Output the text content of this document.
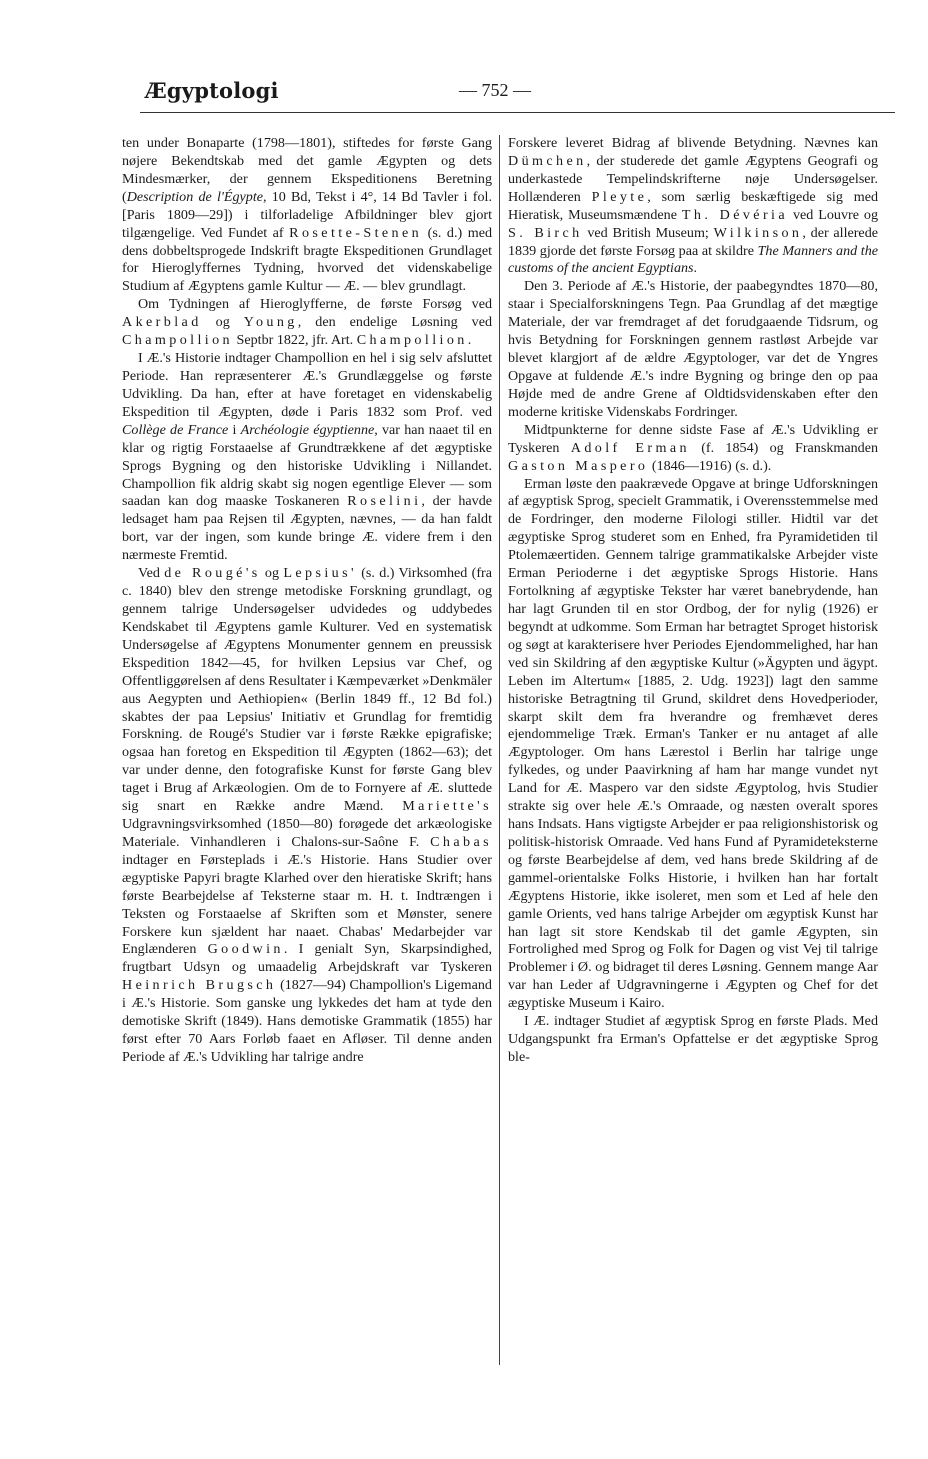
Ægyptologi	— 752 —

ten under Bonaparte (1798—1801), stiftedes for første Gang nøjere Bekendtskab med det gamle Ægypten og dets Mindesmærker, der gennem Ekspeditionens Beretning (Description de l'Égypte, 10 Bd, Tekst i 4°, 14 Bd Tavler i fol. [Paris 1809—29]) i tilforladelige Afbildninger blev gjort tilgængelige. Ved Fundet af Rosette-Stenen (s. d.) med dens dobbeltsprogede Indskrift bragte Ekspeditionen Grundlaget for Hieroglyffernes Tydning, hvorved det videnskabelige Studium af Ægyptens gamle Kultur — Æ. — blev grundlagt.

Om Tydningen af Hieroglyfferne, de første Forsøg ved Akerblad og Young, den endelige Løsning ved Champollion Septbr 1822, jfr. Art. Champollion.

I Æ.'s Historie indtager Champollion en hel i sig selv afsluttet Periode. Han repræsenterer Æ.'s Grundlæggelse og første Udvikling. Da han, efter at have foretaget en videnskabelig Ekspedition til Ægypten, døde i Paris 1832 som Prof. ved Collège de France i Archéologie égyptienne, var han naaet til en klar og rigtig Forstaaelse af Grundtrækkene af det ægyptiske Sprogs Bygning og den historiske Udvikling i Nillandet. Champollion fik aldrig skabt sig nogen egentlige Elever — som saadan kan dog maaske Toskaneren Roselini, der havde ledsaget ham paa Rejsen til Ægypten, nævnes, — da han faldt bort, var der ingen, som kunde bringe Æ. videre frem i den nærmeste Fremtid.

Ved de Rougé's og Lepsius' (s. d.) Virksomhed (fra c. 1840) blev den strenge metodiske Forskning grundlagt, og gennem talrige Undersøgelser udvidedes og uddybedes Kendskabet til Ægyptens gamle Kulturer. Ved en systematisk Undersøgelse af Ægyptens Monumenter gennem en preussisk Ekspedition 1842—45, for hvilken Lepsius var Chef, og Offentliggørelsen af dens Resultater i Kæmpeværket »Denkmäler aus Aegypten und Aethiopien« (Berlin 1849 ff., 12 Bd fol.) skabtes der paa Lepsius' Initiativ et Grundlag for fremtidig Forskning. de Rougé's Studier var i første Række epigrafiske; ogsaa han foretog en Ekspedition til Ægypten (1862—63); det var under denne, den fotografiske Kunst for første Gang blev taget i Brug af Arkæologien. Om de to Fornyere af Æ. sluttede sig snart en Række andre Mænd. Mariette's Udgravningsvirksomhed (1850—80) forøgede det arkæologiske Materiale. Vinhandleren i Chalons-sur-Saône F. Chabas indtager en Førsteplads i Æ.'s Historie. Hans Studier over ægyptiske Papyri bragte Klarhed over den hieratiske Skrift; hans første Bearbejdelse af Teksterne staar m. H. t. Indtrængen i Teksten og Forstaaelse af Skriften som et Mønster, senere Forskere kun sjældent har naaet. Chabas' Medarbejder var Englænderen Goodwin. I genialt Syn, Skarpsindighed, frugtbart Udsyn og umaadelig Arbejdskraft var Tyskeren Heinrich Brugsch (1827—94) Champollion's Ligemand i Æ.'s Historie. Som ganske ung lykkedes det ham at tyde den demotiske Skrift (1849). Hans demotiske Grammatik (1855) har først efter 70 Aars Forløb faaet en Afløser. Til denne anden Periode af Æ.'s Udvikling har talrige andre

Forskere leveret Bidrag af blivende Betydning. Nævnes kan Dümchen, der studerede det gamle Ægyptens Geografi og underkastede Tempelindskrifterne nøje Undersøgelser. Hollænderen Pleyte, som særlig beskæftigede sig med Hieratisk, Museumsmændene Th. Dévéria ved Louvre og S. Birch ved British Museum; Wilkinson, der allerede 1839 gjorde det første Forsøg paa at skildre The Manners and the customs of the ancient Egyptians.

Den 3. Periode af Æ.'s Historie, der paabegyndtes 1870—80, staar i Specialforskningens Tegn. Paa Grundlag af det mægtige Materiale, der var fremdraget af det forudgaaende Tidsrum, og hvis Betydning for Forskningen gennem rastløst Arbejde var blevet klargjort af de ældre Ægyptologer, var det de Yngres Opgave at fuldende Æ.'s indre Bygning og bringe den op paa Højde med de andre Grene af Oldtidsvidenskaben efter den moderne kritiske Videnskabs Fordringer.

Midtpunkterne for denne sidste Fase af Æ.'s Udvikling er Tyskeren Adolf Erman (f. 1854) og Franskmanden Gaston Maspero (1846—1916) (s. d.).

Erman løste den paakrævede Opgave at bringe Udforskningen af ægyptisk Sprog, specielt Grammatik, i Overensstemmelse med de Fordringer, den moderne Filologi stiller. Hidtil var det ægyptiske Sprog studeret som en Enhed, fra Pyramidetiden til Ptolemæertiden. Gennem talrige grammatikalske Arbejder viste Erman Perioderne i det ægyptiske Sprogs Historie. Hans Fortolkning af ægyptiske Tekster har været banebrydende, han har lagt Grunden til en stor Ordbog, der for nylig (1926) er begyndt at udkomme. Som Erman har betragtet Sproget historisk og søgt at karakterisere hver Periodes Ejendommelighed, har han ved sin Skildring af den ægyptiske Kultur (»Ägypten und ägypt. Leben im Altertum« [1885, 2. Udg. 1923]) lagt den samme historiske Betragtning til Grund, skildret dens Hovedperioder, skarpt skilt dem fra hverandre og fremhævet deres ejendommelige Træk. Erman's Tanker er nu antaget af alle Ægyptologer. Om hans Lærestol i Berlin har talrige unge fylkedes, og under Paavirkning af ham har mange vundet nyt Land for Æ. Maspero var den sidste Ægyptolog, hvis Studier strakte sig over hele Æ.'s Omraade, og næsten overalt spores hans Indsats. Hans vigtigste Arbejder er paa religionshistorisk og politisk-historisk Omraade. Ved hans Fund af Pyramideteksterne og første Bearbejdelse af dem, ved hans brede Skildring af de gammel-orientalske Folks Historie, i hvilken han har fortalt Ægyptens Historie, ikke isoleret, men som et Led af hele den gamle Orients, ved hans talrige Arbejder om ægyptisk Kunst har han lagt sit store Kendskab til det gamle Ægypten, sin Fortrolighed med Sprog og Folk for Dagen og vist Vej til talrige Problemer i Ø. og bidraget til deres Løsning. Gennem mange Aar var han Leder af Udgravningerne i Ægypten og Chef for det ægyptiske Museum i Kairo.

I Æ. indtager Studiet af ægyptisk Sprog en første Plads. Med Udgangspunkt fra Erman's Opfattelse er det ægyptiske Sprog ble-
